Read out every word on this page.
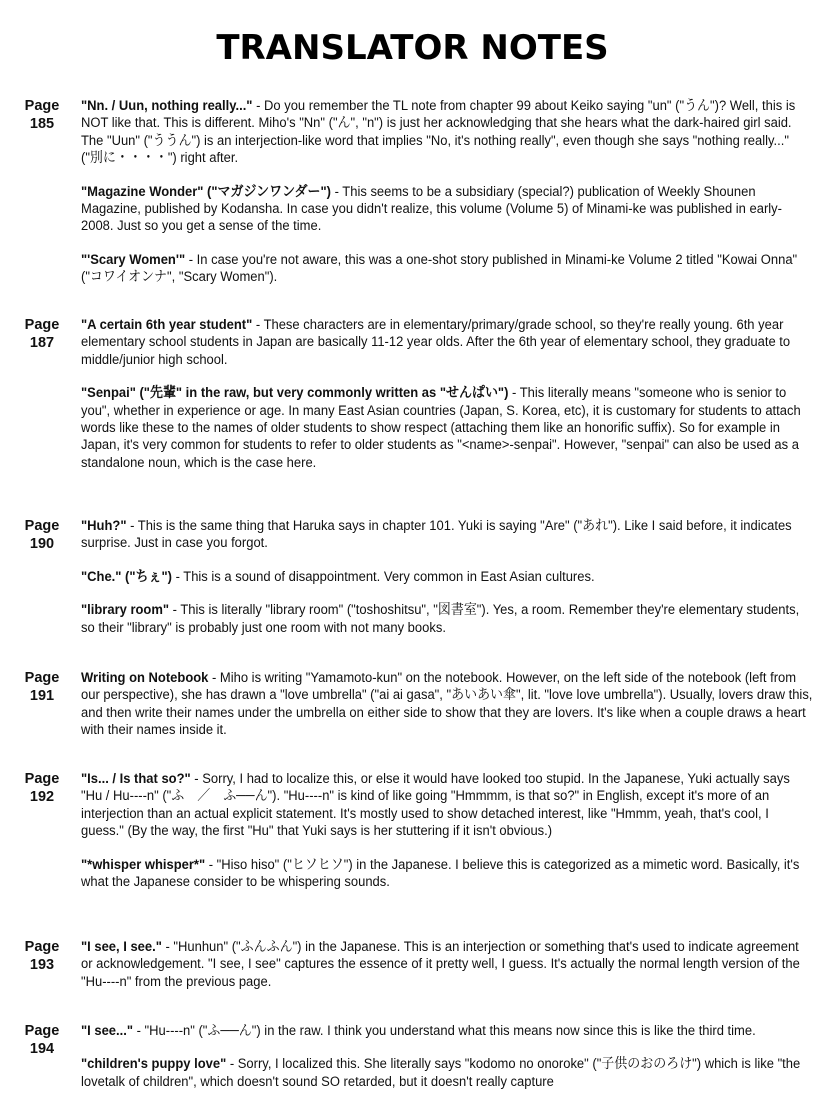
TRANSLATOR NOTES
Page
185

"Nn. / Uun, nothing really..." - Do you remember the TL note from chapter 99 about Keiko saying "un" ("うん")? Well, this is NOT like that. This is different. Miho's "Nn" ("ん", "n") is just her acknowledging that she hears what the dark-haired girl said. The "Uun" ("ううん") is an interjection-like word that implies "No, it's nothing really", even though she says "nothing really..." ("別に・・・・") right after.

"Magazine Wonder" ("マガジンワンダー") - This seems to be a subsidiary (special?) publication of Weekly Shounen Magazine, published by Kodansha. In case you didn't realize, this volume (Volume 5) of Minami-ke was published in early-2008. Just so you get a sense of the time.

"'Scary Women'" - In case you're not aware, this was a one-shot story published in Minami-ke Volume 2 titled "Kowai Onna" ("コワイオンナ", "Scary Women").

Page
187

"A certain 6th year student" - These characters are in elementary/primary/grade school, so they're really young. 6th year elementary school students in Japan are basically 11-12 year olds. After the 6th year of elementary school, they graduate to middle/junior high school.

"Senpai" ("先輩" in the raw, but very commonly written as "せんぱい") - This literally means "someone who is senior to you", whether in experience or age. In many East Asian countries (Japan, S. Korea, etc), it is customary for students to attach words like these to the names of older students to show respect (attaching them like an honorific suffix). So for example in Japan, it's very common for students to refer to older students as "<name>-senpai". However, "senpai" can also be used as a standalone noun, which is the case here.

Page
190

"Huh?" - This is the same thing that Haruka says in chapter 101. Yuki is saying "Are" ("あれ"). Like I said before, it indicates surprise. Just in case you forgot.

"Che." ("ちぇ") - This is a sound of disappointment. Very common in East Asian cultures.

"library room" - This is literally "library room" ("toshoshitsu", "図書室"). Yes, a room. Remember they're elementary students, so their "library" is probably just one room with not many books.

Page
191

Writing on Notebook - Miho is writing "Yamamoto-kun" on the notebook. However, on the left side of the notebook (left from our perspective), she has drawn a "love umbrella" ("ai ai gasa", "あいあい傘", lit. "love love umbrella"). Usually, lovers draw this, and then write their names under the umbrella on either side to show that they are lovers. It's like when a couple draws a heart with their names inside it.

Page
192

"Is... / Is that so?" - Sorry, I had to localize this, or else it would have looked too stupid. In the Japanese, Yuki actually says "Hu / Hu----n" ("ふ　／　ふ──ん"). "Hu----n" is kind of like going "Hmmmm, is that so?" in English, except it's more of an interjection than an actual explicit statement. It's mostly used to show detached interest, like "Hmmm, yeah, that's cool, I guess." (By the way, the first "Hu" that Yuki says is her stuttering if it isn't obvious.)

"*whisper whisper*" - "Hiso hiso" ("ヒソヒソ") in the Japanese. I believe this is categorized as a mimetic word. Basically, it's what the Japanese consider to be whispering sounds.

Page
193

"I see, I see." - "Hunhun" ("ふんふん") in the Japanese. This is an interjection or something that's used to indicate agreement or acknowledgement. "I see, I see" captures the essence of it pretty well, I guess. It's actually the normal length version of the "Hu----n" from the previous page.

Page
194

"I see..." - "Hu----n" ("ふ──ん") in the raw. I think you understand what this means now since this is like the third time.

"children's puppy love" - Sorry, I localized this. She literally says "kodomo no onoroke" ("子供のおのろけ") which is like "the lovetalk of children", which doesn't sound SO retarded, but it doesn't really capture
